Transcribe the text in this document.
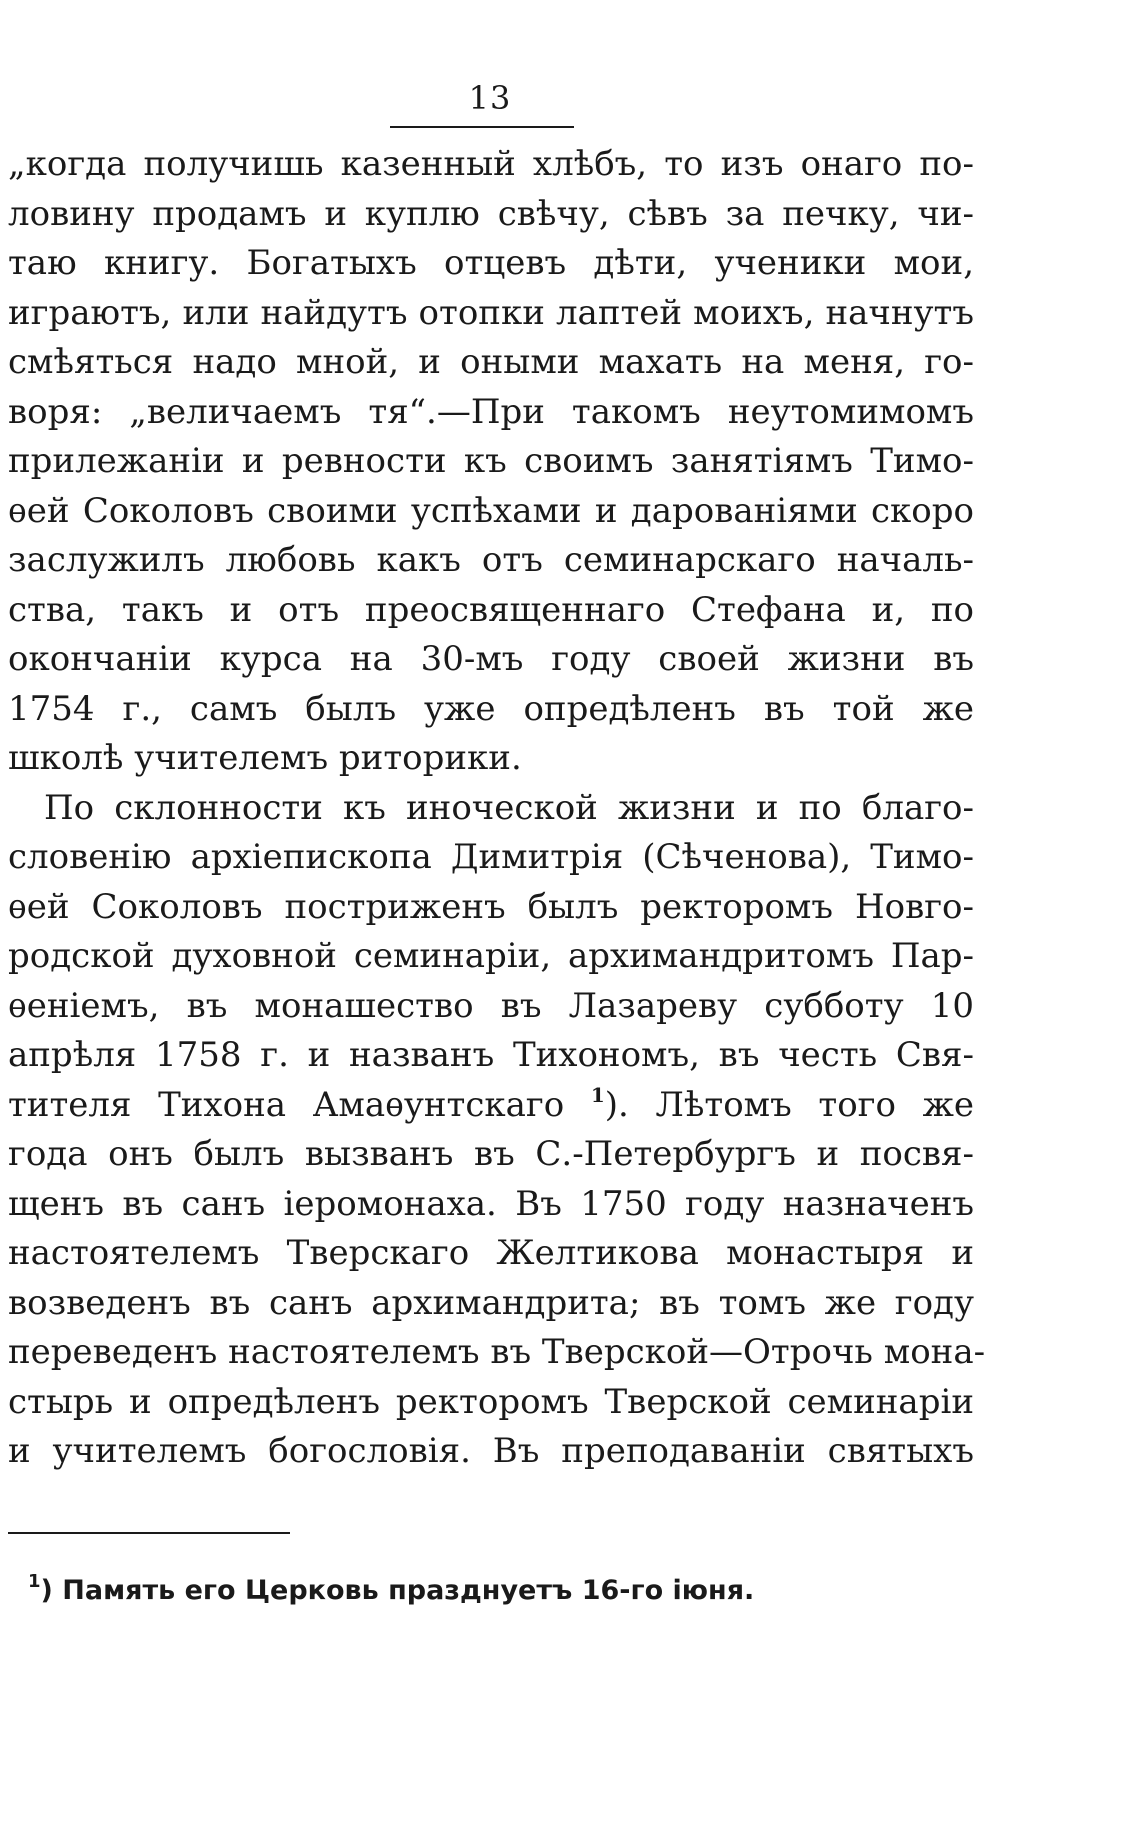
13
„когда получишь казенный хлѣбъ, то изъ онаго по-
ловину продамъ и куплю свѣчу, сѣвъ за печку, чи-
таю книгу. Богатыхъ отцевъ дѣти, ученики мои,
играютъ, или найдутъ отопки лаптей моихъ, начнутъ
смѣяться надо мной, и оными махать на меня, го-
воря: „величаемъ тя“.—При такомъ неутомимомъ
прилежаніи и ревности къ своимъ занятіямъ Тимо-
ѳей Соколовъ своими успѣхами и дарованіями скоро
заслужилъ любовь какъ отъ семинарскаго началь-
ства, такъ и отъ преосвященнаго Стефана и, по
окончаніи курса на 30-мъ году своей жизни въ
1754 г., самъ былъ уже опредѣленъ въ той же
школѣ учителемъ риторики.
По склонности къ иноческой жизни и по благо-
словенію архіепископа Димитрія (Сѣченова), Тимо-
ѳей Соколовъ постриженъ былъ ректоромъ Новго-
родской духовной семинаріи, архимандритомъ Пар-
ѳеніемъ, въ монашество въ Лазареву субботу 10
апрѣля 1758 г. и названъ Тихономъ, въ честь Свя-
тителя Тихона Амаѳунтскаго $^1$). Лѣтомъ того же
года онъ былъ вызванъ въ С.-Петербургъ и посвя-
щенъ въ санъ іеромонаха. Въ 1750 году назначенъ
настоятелемъ Тверскаго Желтикова монастыря и
возведенъ въ санъ архимандрита; въ томъ же году
переведенъ настоятелемъ въ Тверской—Отрочь мона-
стырь и опредѣленъ ректоромъ Тверской семинаріи
и учителемъ богословія. Въ преподаваніи святыхъ
$^1$) Память его Церковь празднуетъ 16-го іюня.
